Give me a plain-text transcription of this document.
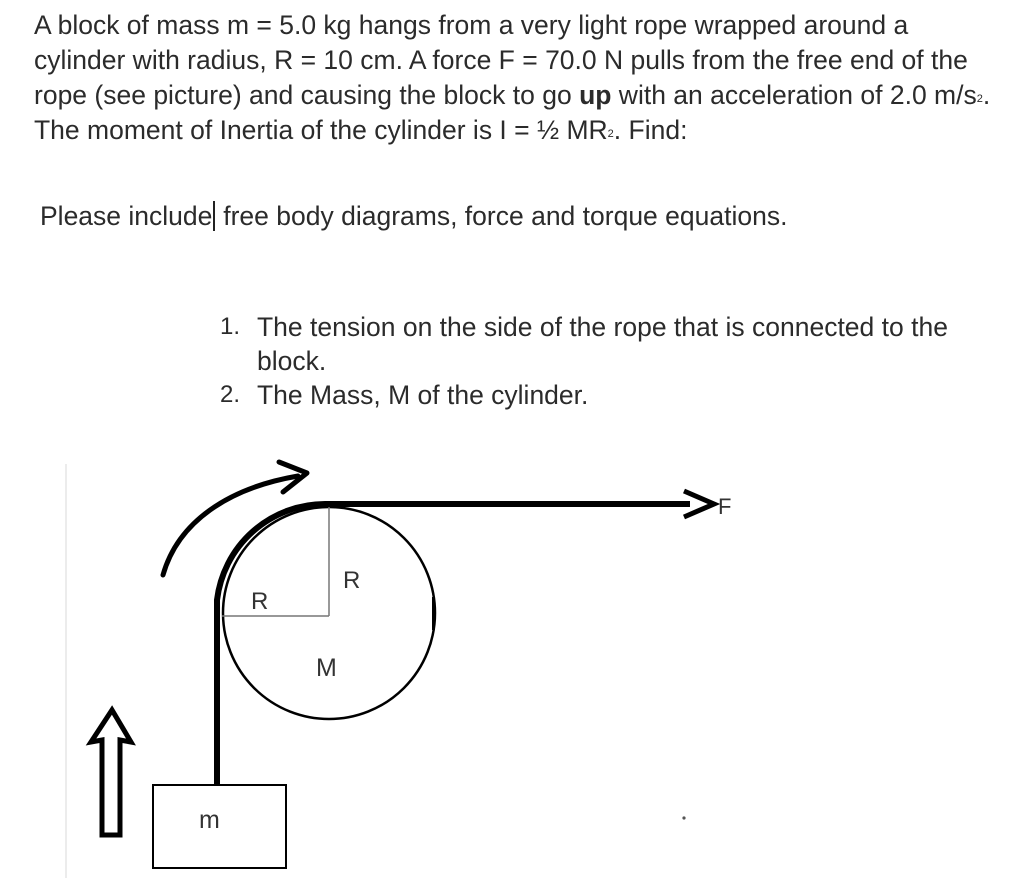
A block of mass m = 5.0 kg hangs from a very light rope wrapped around a cylinder with radius, R = 10 cm. A force F = 70.0 N pulls from the free end of the rope (see picture) and causing the block to go up with an acceleration of 2.0 $m/s^2$. The moment of Inertia of the cylinder is I = ½ $MR^2$. Find:

Please include free body diagrams, force and torque equations.

1. The tension on the side of the rope that is connected to the block.
2. The Mass, M of the cylinder.
F
R
R
M
m
